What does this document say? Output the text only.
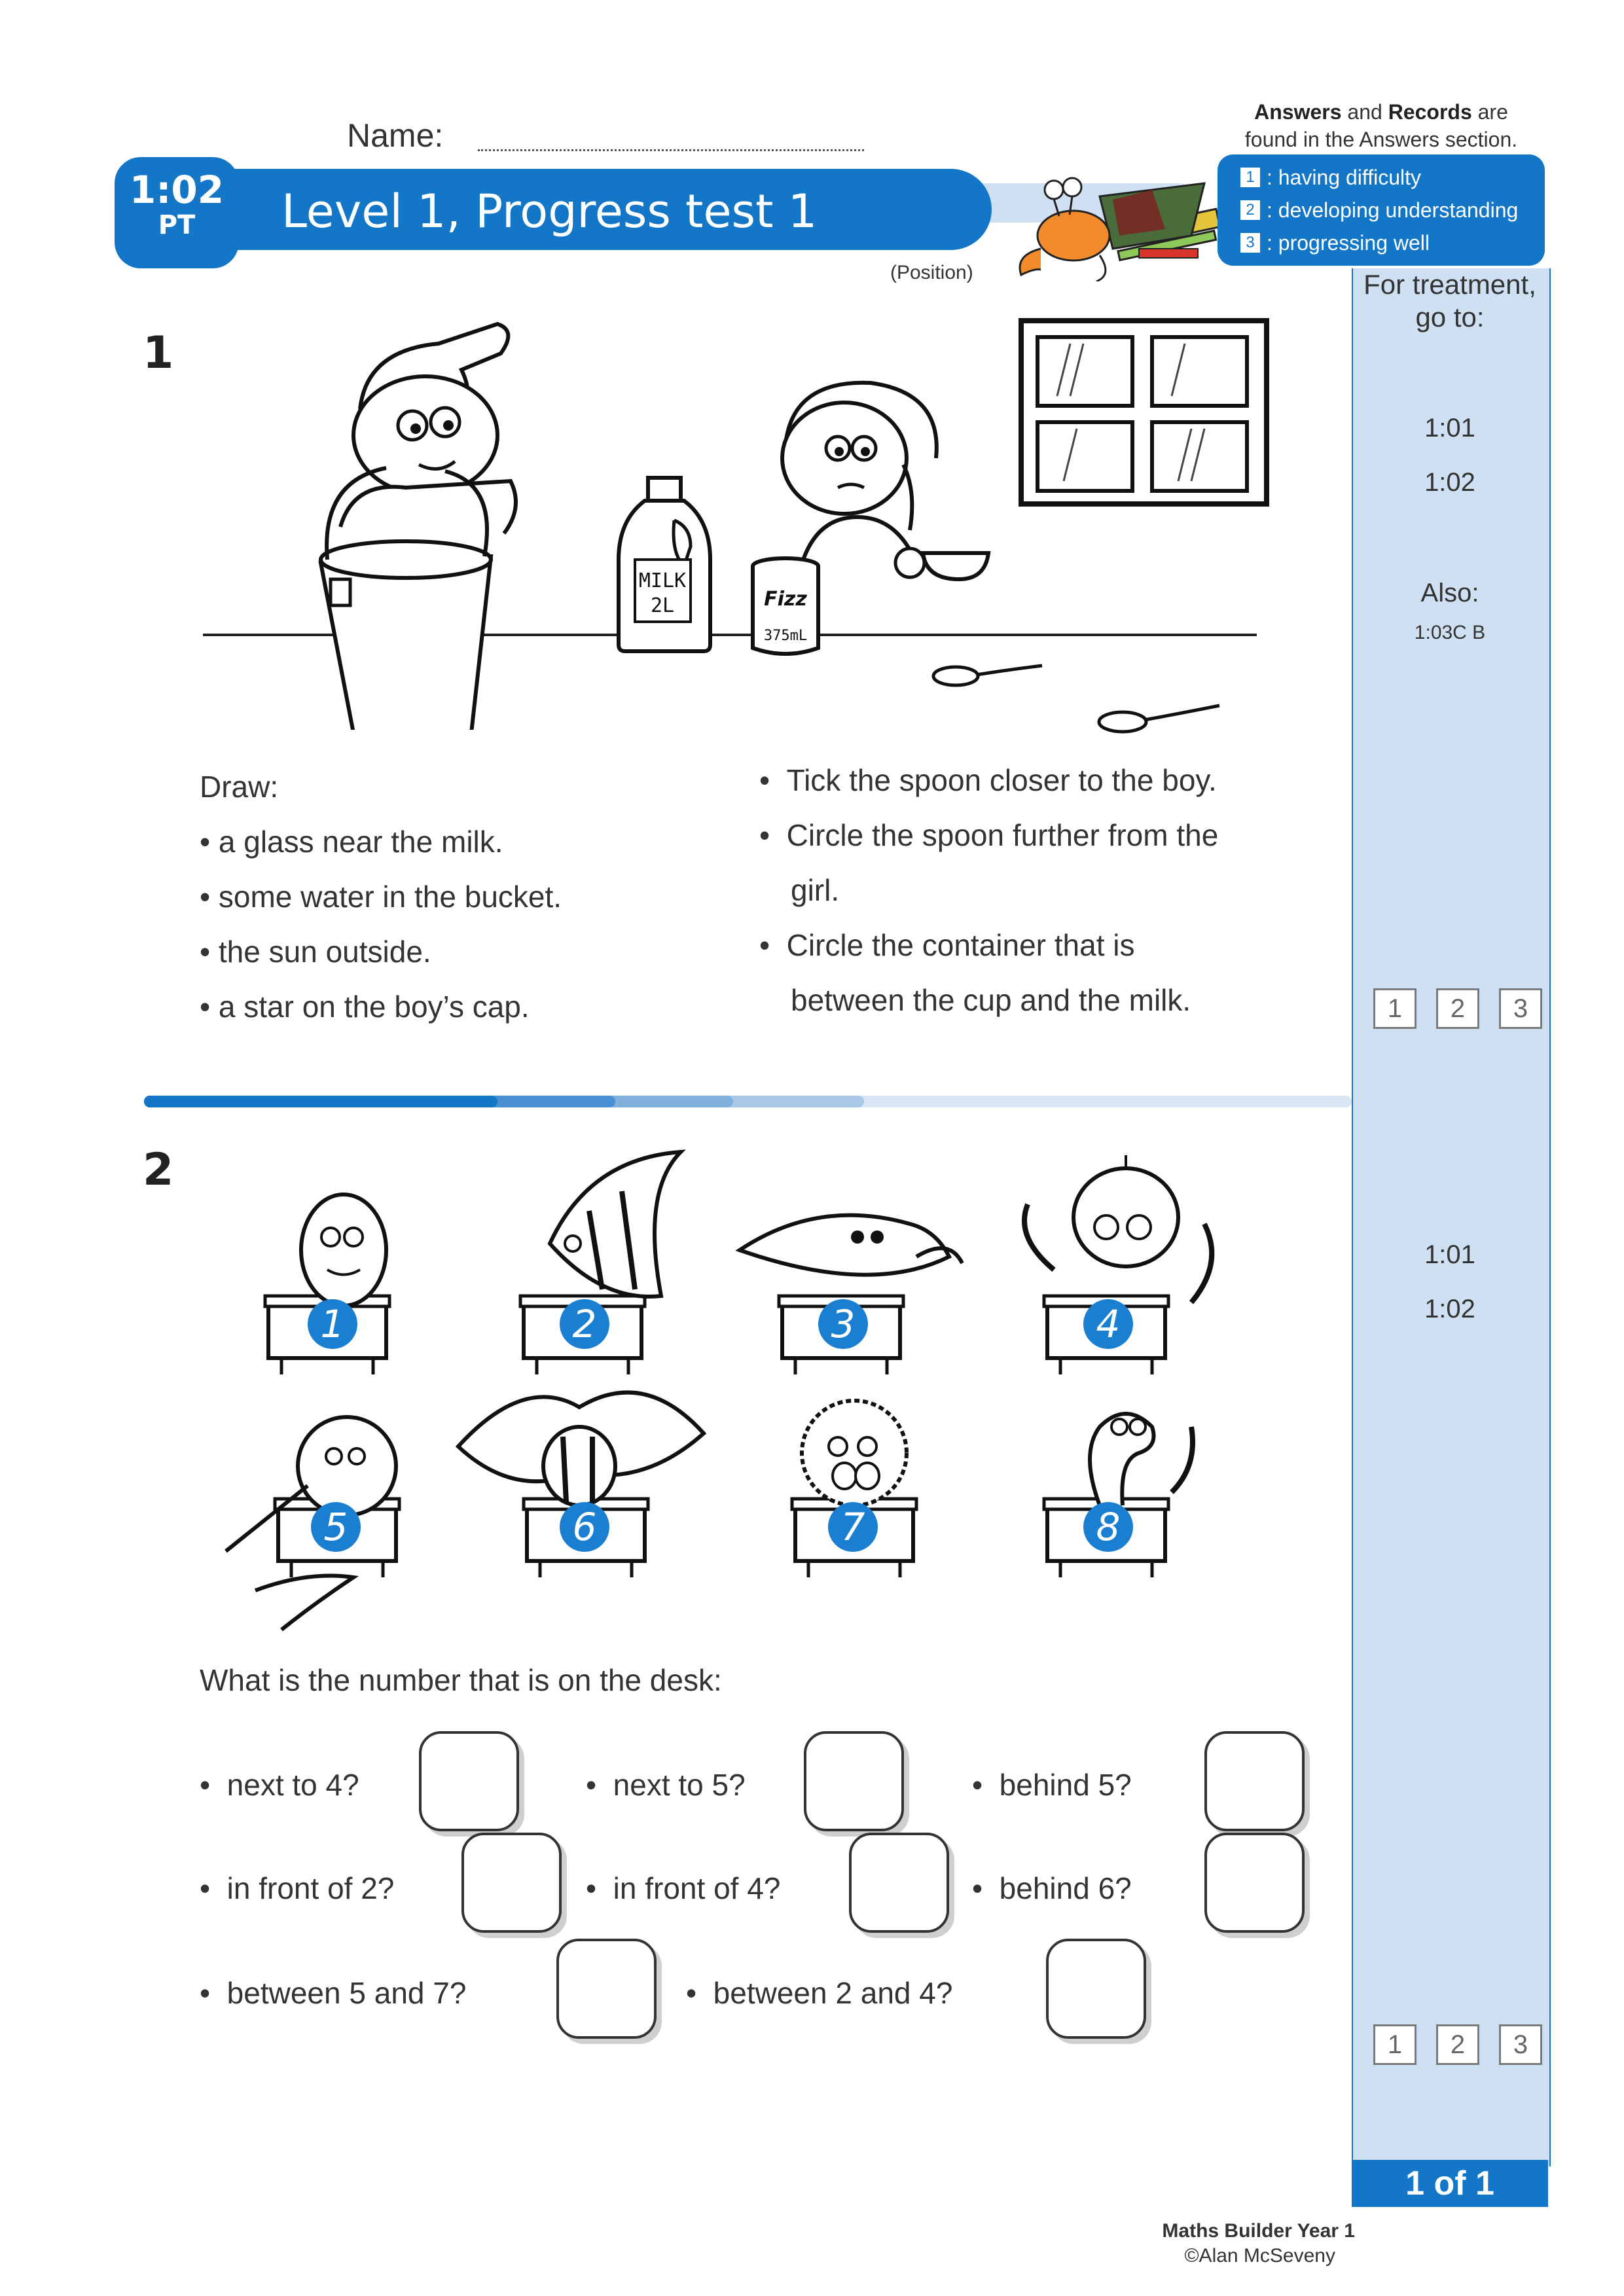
Name:
Answers and Records are
found in the Answers section.
1:02
PT	Level 1, Progress test 1
(Position)
1 : having difficulty
2 : developing understanding
3 : progressing well
For treatment,
go to:
1:01
1:02
Also:
1:03C B
1	2	3
1:01
1:02
1	2	3
1 of 1
1
MILK
2L	Fizz
375mL
Draw:
• a glass near the milk.
• some water in the bucket.
• the sun outside.
• a star on the boy’s cap.
•  Tick the spoon closer to the boy.
•  Circle the spoon further from the
girl.
•  Circle the container that is
between the cup and the milk.
2
1	2	3	4
5	6	7	8
What is the number that is on the desk:
•  next to 4?	•  next to 5?	•  behind 5?
•  in front of 2?	•  in front of 4?	•  behind 6?
•  between 5 and 7?	•  between 2 and 4?
Maths Builder Year 1
©Alan McSeveny
